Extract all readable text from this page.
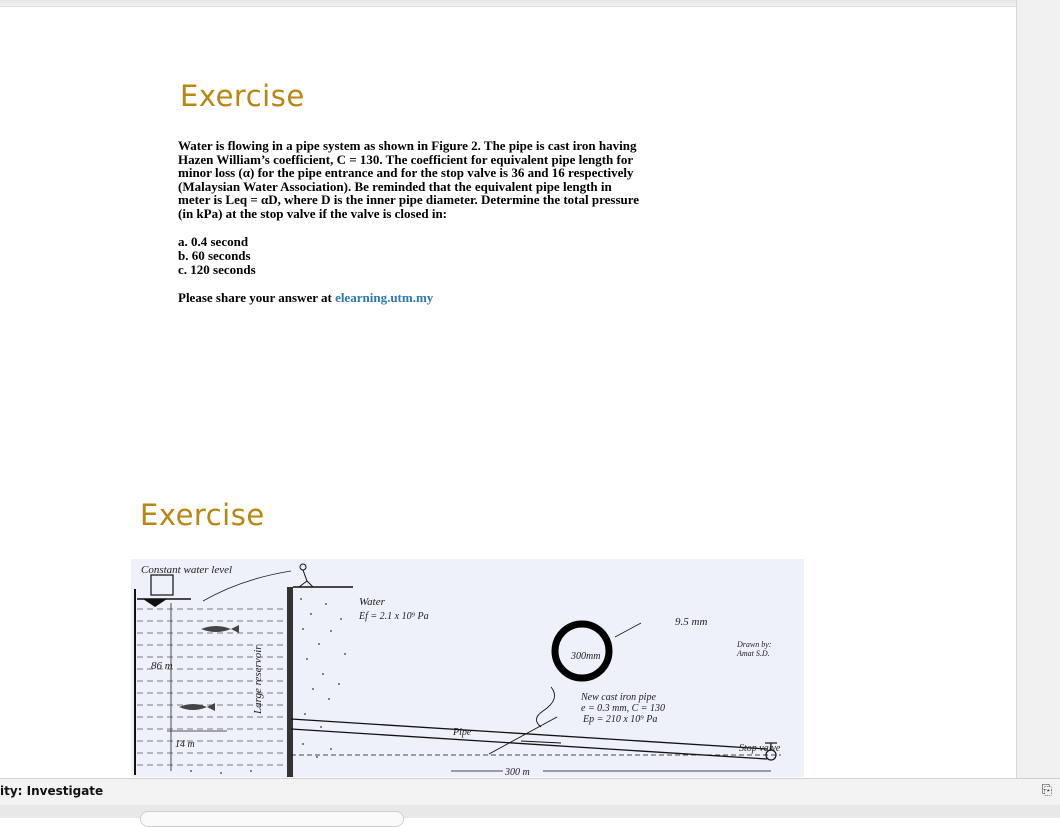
Exercise
Water is flowing in a pipe system as shown in Figure 2. The pipe is cast iron having
Hazen William’s coefficient, C = 130. The coefficient for equivalent pipe length for
minor loss (α) for the pipe entrance and for the stop valve is 36 and 16 respectively
(Malaysian Water Association). Be reminded that the equivalent pipe length in
meter is Leq = αD, where D is the inner pipe diameter. Determine the total pressure
(in kPa) at the stop valve if the valve is closed in:
a. 0.4 second
b. 60 seconds
c. 120 seconds
Please share your answer at elearning.utm.my
Exercise
Constant water level
Water
Ef = 2.1 x 10⁹ Pa	9.5 mm
300mm
Drawn by:
Amat S.D.
Large reservoir
86 m
14 m
Pipe
New cast iron pipe
e = 0.3 mm, C = 130
Ep = 210 x 10⁹ Pa
Stop valve
300 m
ity: Investigate	⎘
